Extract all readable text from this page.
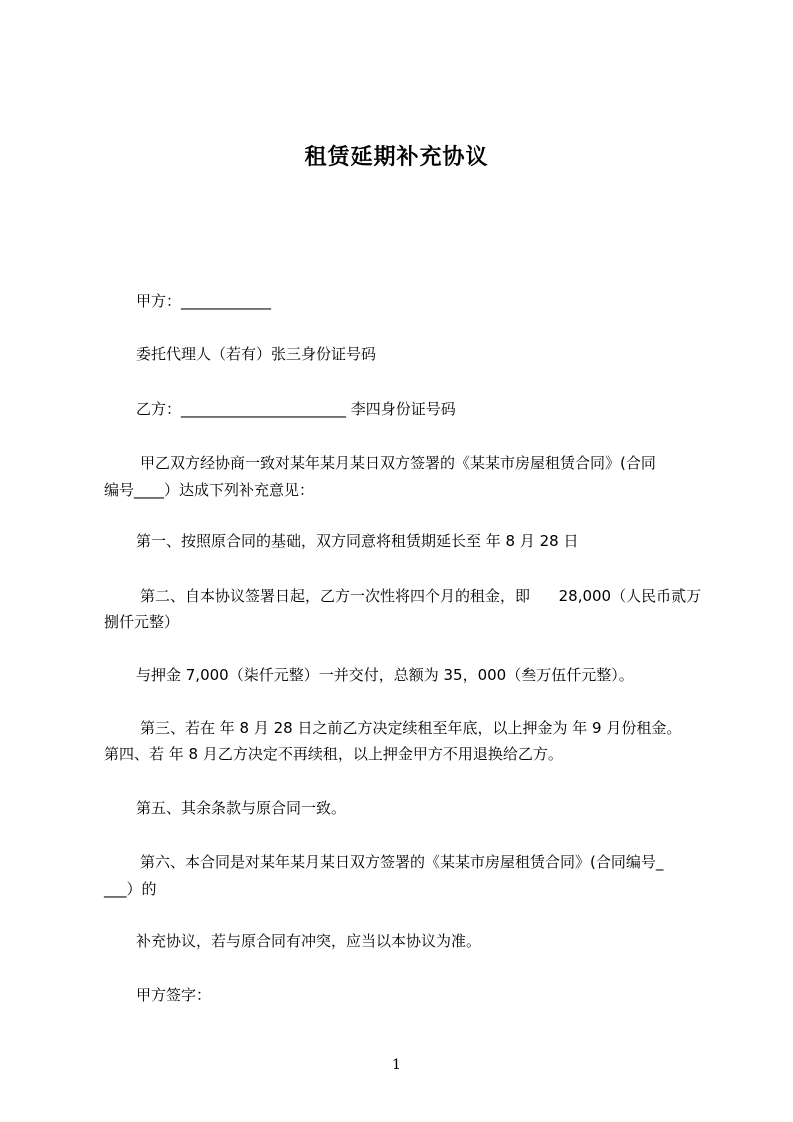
租赁延期补充协议
甲方：____________
委托代理人（若有）张三身份证号码
乙方：______________________ 李四身份证号码
甲乙双方经协商一致对某年某月某日双方签署的《某某市房屋租赁合同》(合同
编号____）达成下列补充意见：
第一、按照原合同的基础，双方同意将租赁期延长至 年 8 月 28 日
第二、自本协议签署日起，乙方一次性将四个月的租金，即      28,000（人民币贰万
捌仟元整）
与押金 7,000（柒仟元整）一并交付，总额为 35，000（叁万伍仟元整）。
第三、若在 年 8 月 28 日之前乙方决定续租至年底，以上押金为 年 9 月份租金。
第四、若 年 8 月乙方决定不再续租，以上押金甲方不用退换给乙方。
第五、其余条款与原合同一致。
第六、本合同是对某年某月某日双方签署的《某某市房屋租赁合同》(合同编号_
___）的
补充协议，若与原合同有冲突，应当以本协议为准。
甲方签字：
1
